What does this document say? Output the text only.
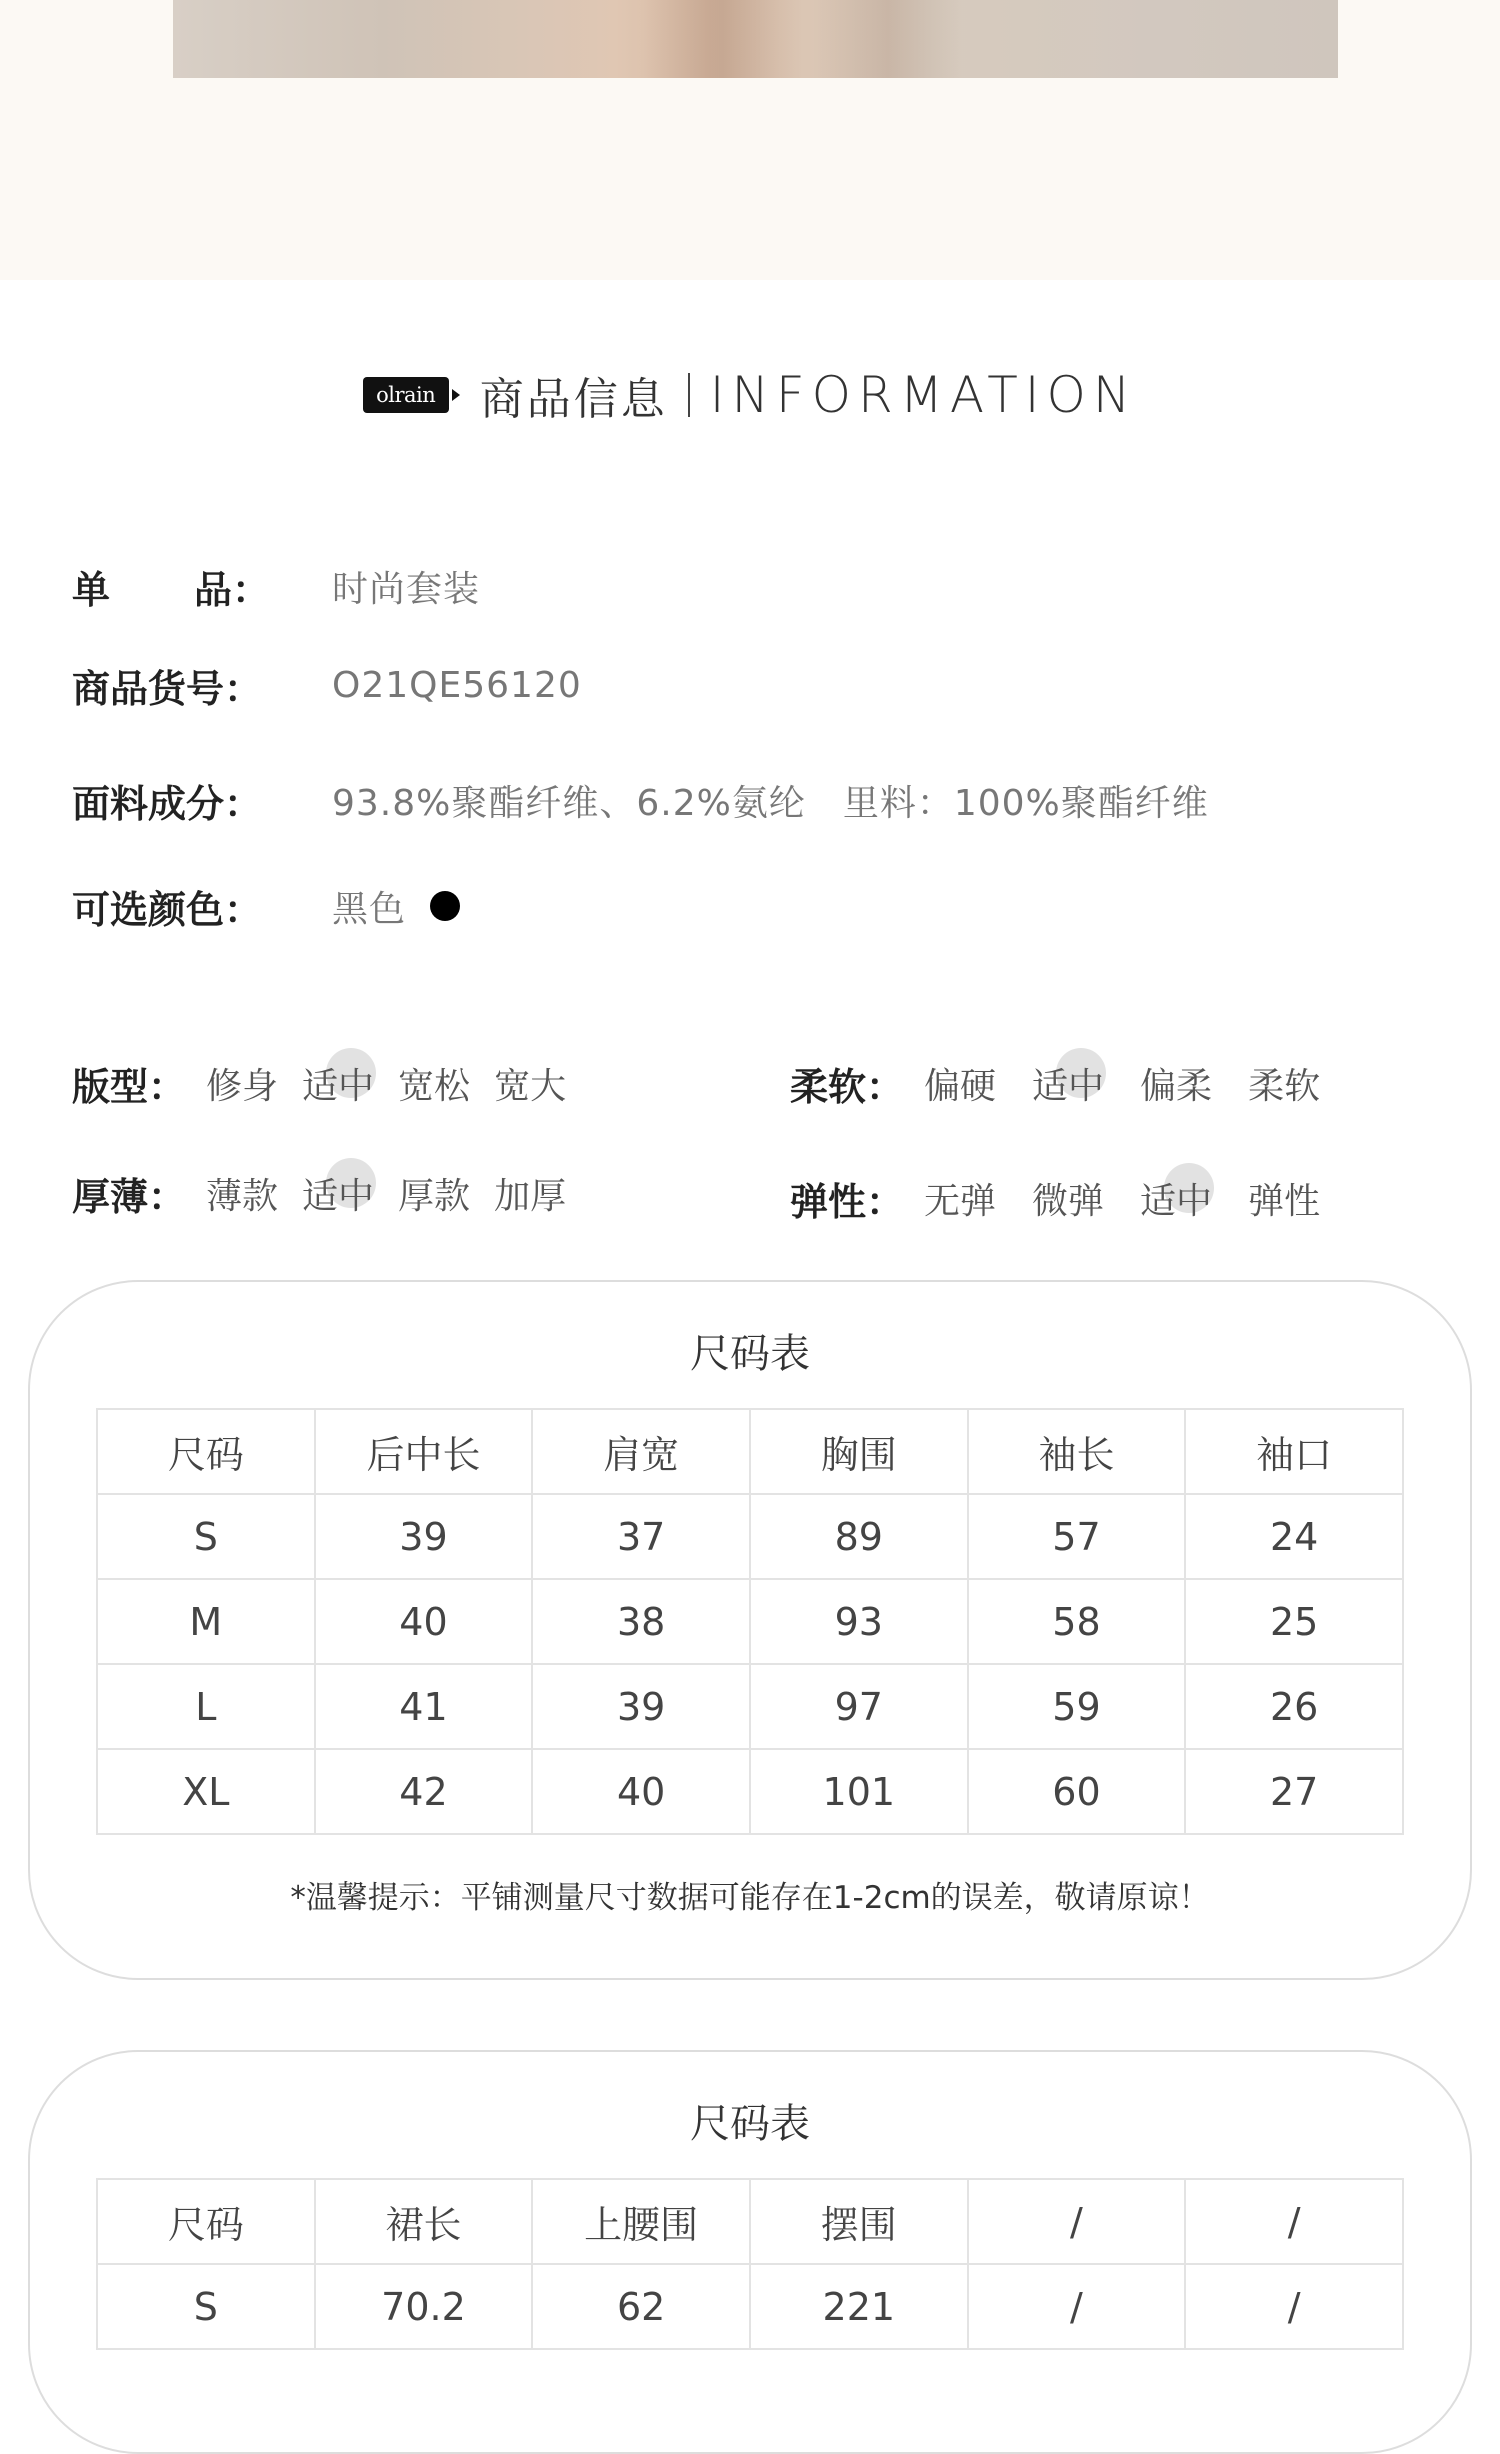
olrain	商品信息 INFORMATION
单 品：	时尚套装
商品货号：	O21QE56120
面料成分：	93.8%聚酯纤维、6.2%氨纶　里料：100%聚酯纤维
可选颜色：	黑色
版型： 修身 适中 宽松 宽大	柔软： 偏硬 适中 偏柔 柔软
厚薄： 薄款 适中 厚款 加厚	弹性： 无弹 微弹 适中 弹性
尺码表
尺码	后中长	肩宽	胸围	袖长	袖口
S	39	37	89	57	24
M	40	38	93	58	25
L	41	39	97	59	26
XL	42	40	101	60	27
*温馨提示：平铺测量尺寸数据可能存在1-2cm的误差，敬请原谅！
尺码表
尺码	裙长	上腰围	摆围	/	/
S	70.2	62	221	/	/
